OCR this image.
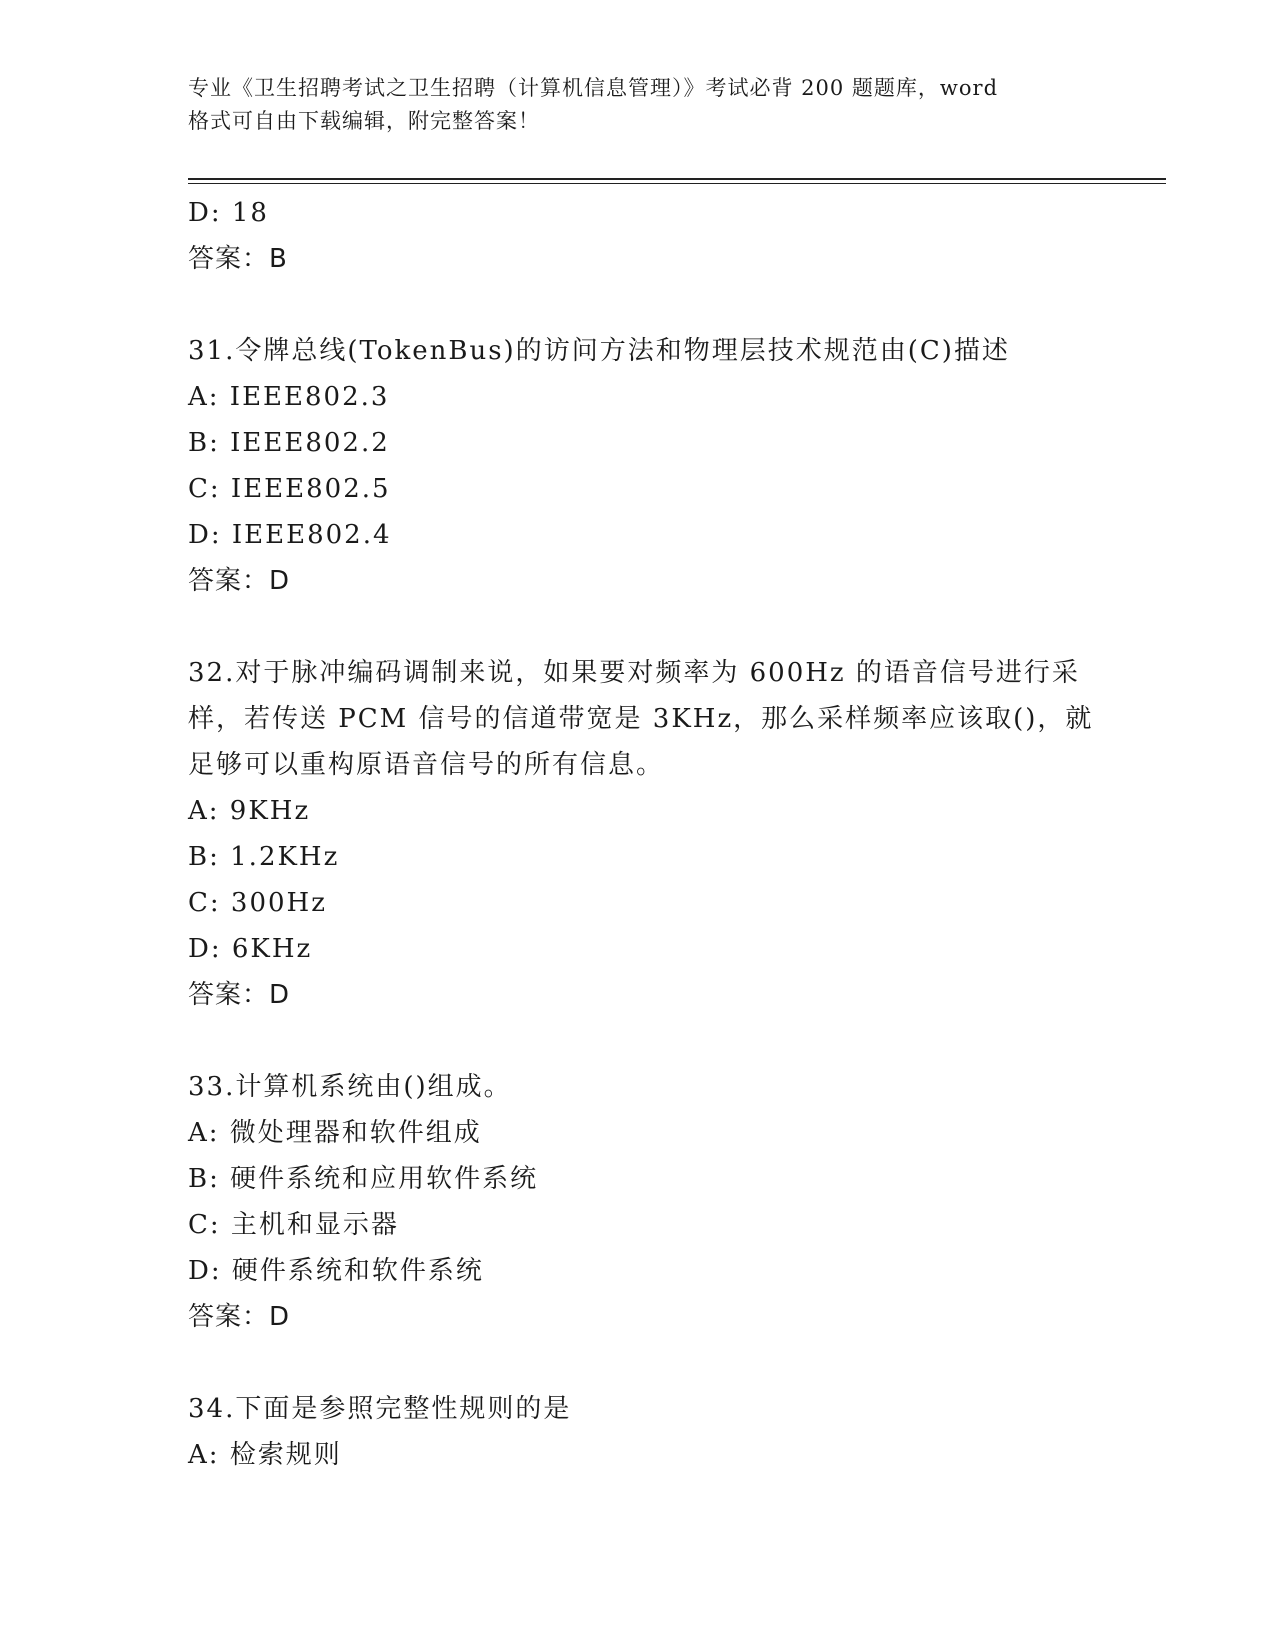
专业《卫生招聘考试之卫生招聘（计算机信息管理）》考试必背 200 题题库，word
格式可自由下载编辑，附完整答案！
D: 18
答案：B
31.令牌总线(TokenBus)的访问方法和物理层技术规范由(C)描述
A: IEEE802.3
B: IEEE802.2
C: IEEE802.5
D: IEEE802.4
答案：D
32.对于脉冲编码调制来说，如果要对频率为 600Hz 的语音信号进行采
样，若传送 PCM 信号的信道带宽是 3KHz，那么采样频率应该取()，就
足够可以重构原语音信号的所有信息。
A: 9KHz
B: 1.2KHz
C: 300Hz
D: 6KHz
答案：D
33.计算机系统由()组成。
A: 微处理器和软件组成
B: 硬件系统和应用软件系统
C: 主机和显示器
D: 硬件系统和软件系统
答案：D
34.下面是参照完整性规则的是
A: 检索规则
